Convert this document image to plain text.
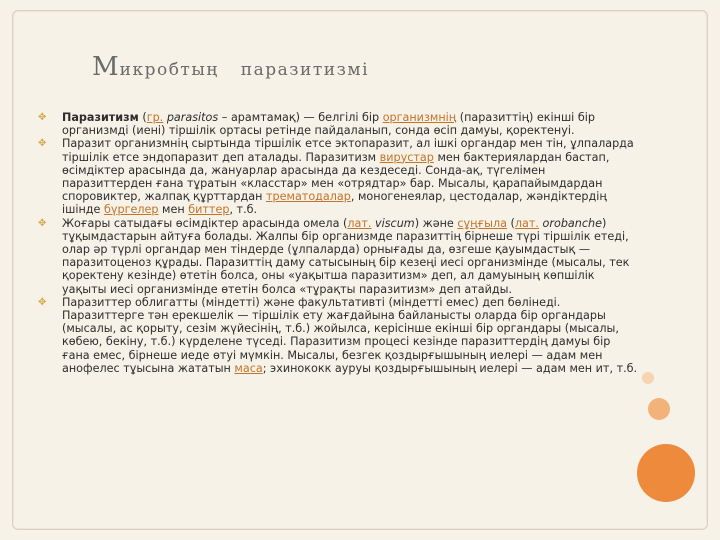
Микробтың паразитизмі
✥	Паразитизм (гр. parasitos – арамтамақ) — белгілі бір организмнің (паразиттің) екінші бір организмді (иені) тіршілік ортасы ретінде пайдаланып, сонда өсіп дамуы, қоректенуі.
✥	Паразит организмнің сыртында тіршілік етсе эктопаразит, ал ішкі органдар мен тін, ұлпаларда тіршілік етсе эндопаразит деп аталады. Паразитизм вирустар мен бактериялардан бастап, өсімдіктер арасында да, жануарлар арасында да кездеседі. Сонда-ақ, түгелімен паразиттерден ғана тұратын «класстар» мен «отрядтар» бар. Мысалы, қарапайымдардан споровиктер, жалпақ құрттардан трематодалар, моногенеялар, цестодалар, жәндіктердің ішінде бүргелер мен биттер, т.б.
✥	Жоғары сатыдағы өсімдіктер арасында омела (лат. viscum) және сұңғыла (лат. orobanche) тұқымдастарын айтуға болады. Жалпы бір организмде паразиттің бірнеше түрі тіршілік етеді, олар әр түрлі органдар мен тіндерде (ұлпаларда) орнығады да, өзгеше қауымдастық — паразитоценоз құрады. Паразиттің даму сатысының бір кезеңі иесі организмінде (мысалы, тек қоректену кезінде) өтетін болса, оны «уақытша паразитизм» деп, ал дамуының көпшілік уақыты иесі организмінде өтетін болса «тұрақты паразитизм» деп атайды.
✥	Паразиттер облигатты (міндетті) және факультативті (міндетті емес) деп бөлінеді. Паразиттерге тән ерекшелік — тіршілік ету жағдайына байланысты оларда бір органдары (мысалы, ас қорыту, сезім жүйесінің, т.б.) жойылса, керісінше екінші бір органдары (мысалы, көбею, бекіну, т.б.) күрделене түседі. Паразитизм процесі кезінде паразиттердің дамуы бір ғана емес, бірнеше иеде өтуі мүмкін. Мысалы, безгек қоздырғышының иелері — адам мен анофелес тұысына жататын маса; эхинококк ауруы қоздырғышының иелері — адам мен ит, т.б.
